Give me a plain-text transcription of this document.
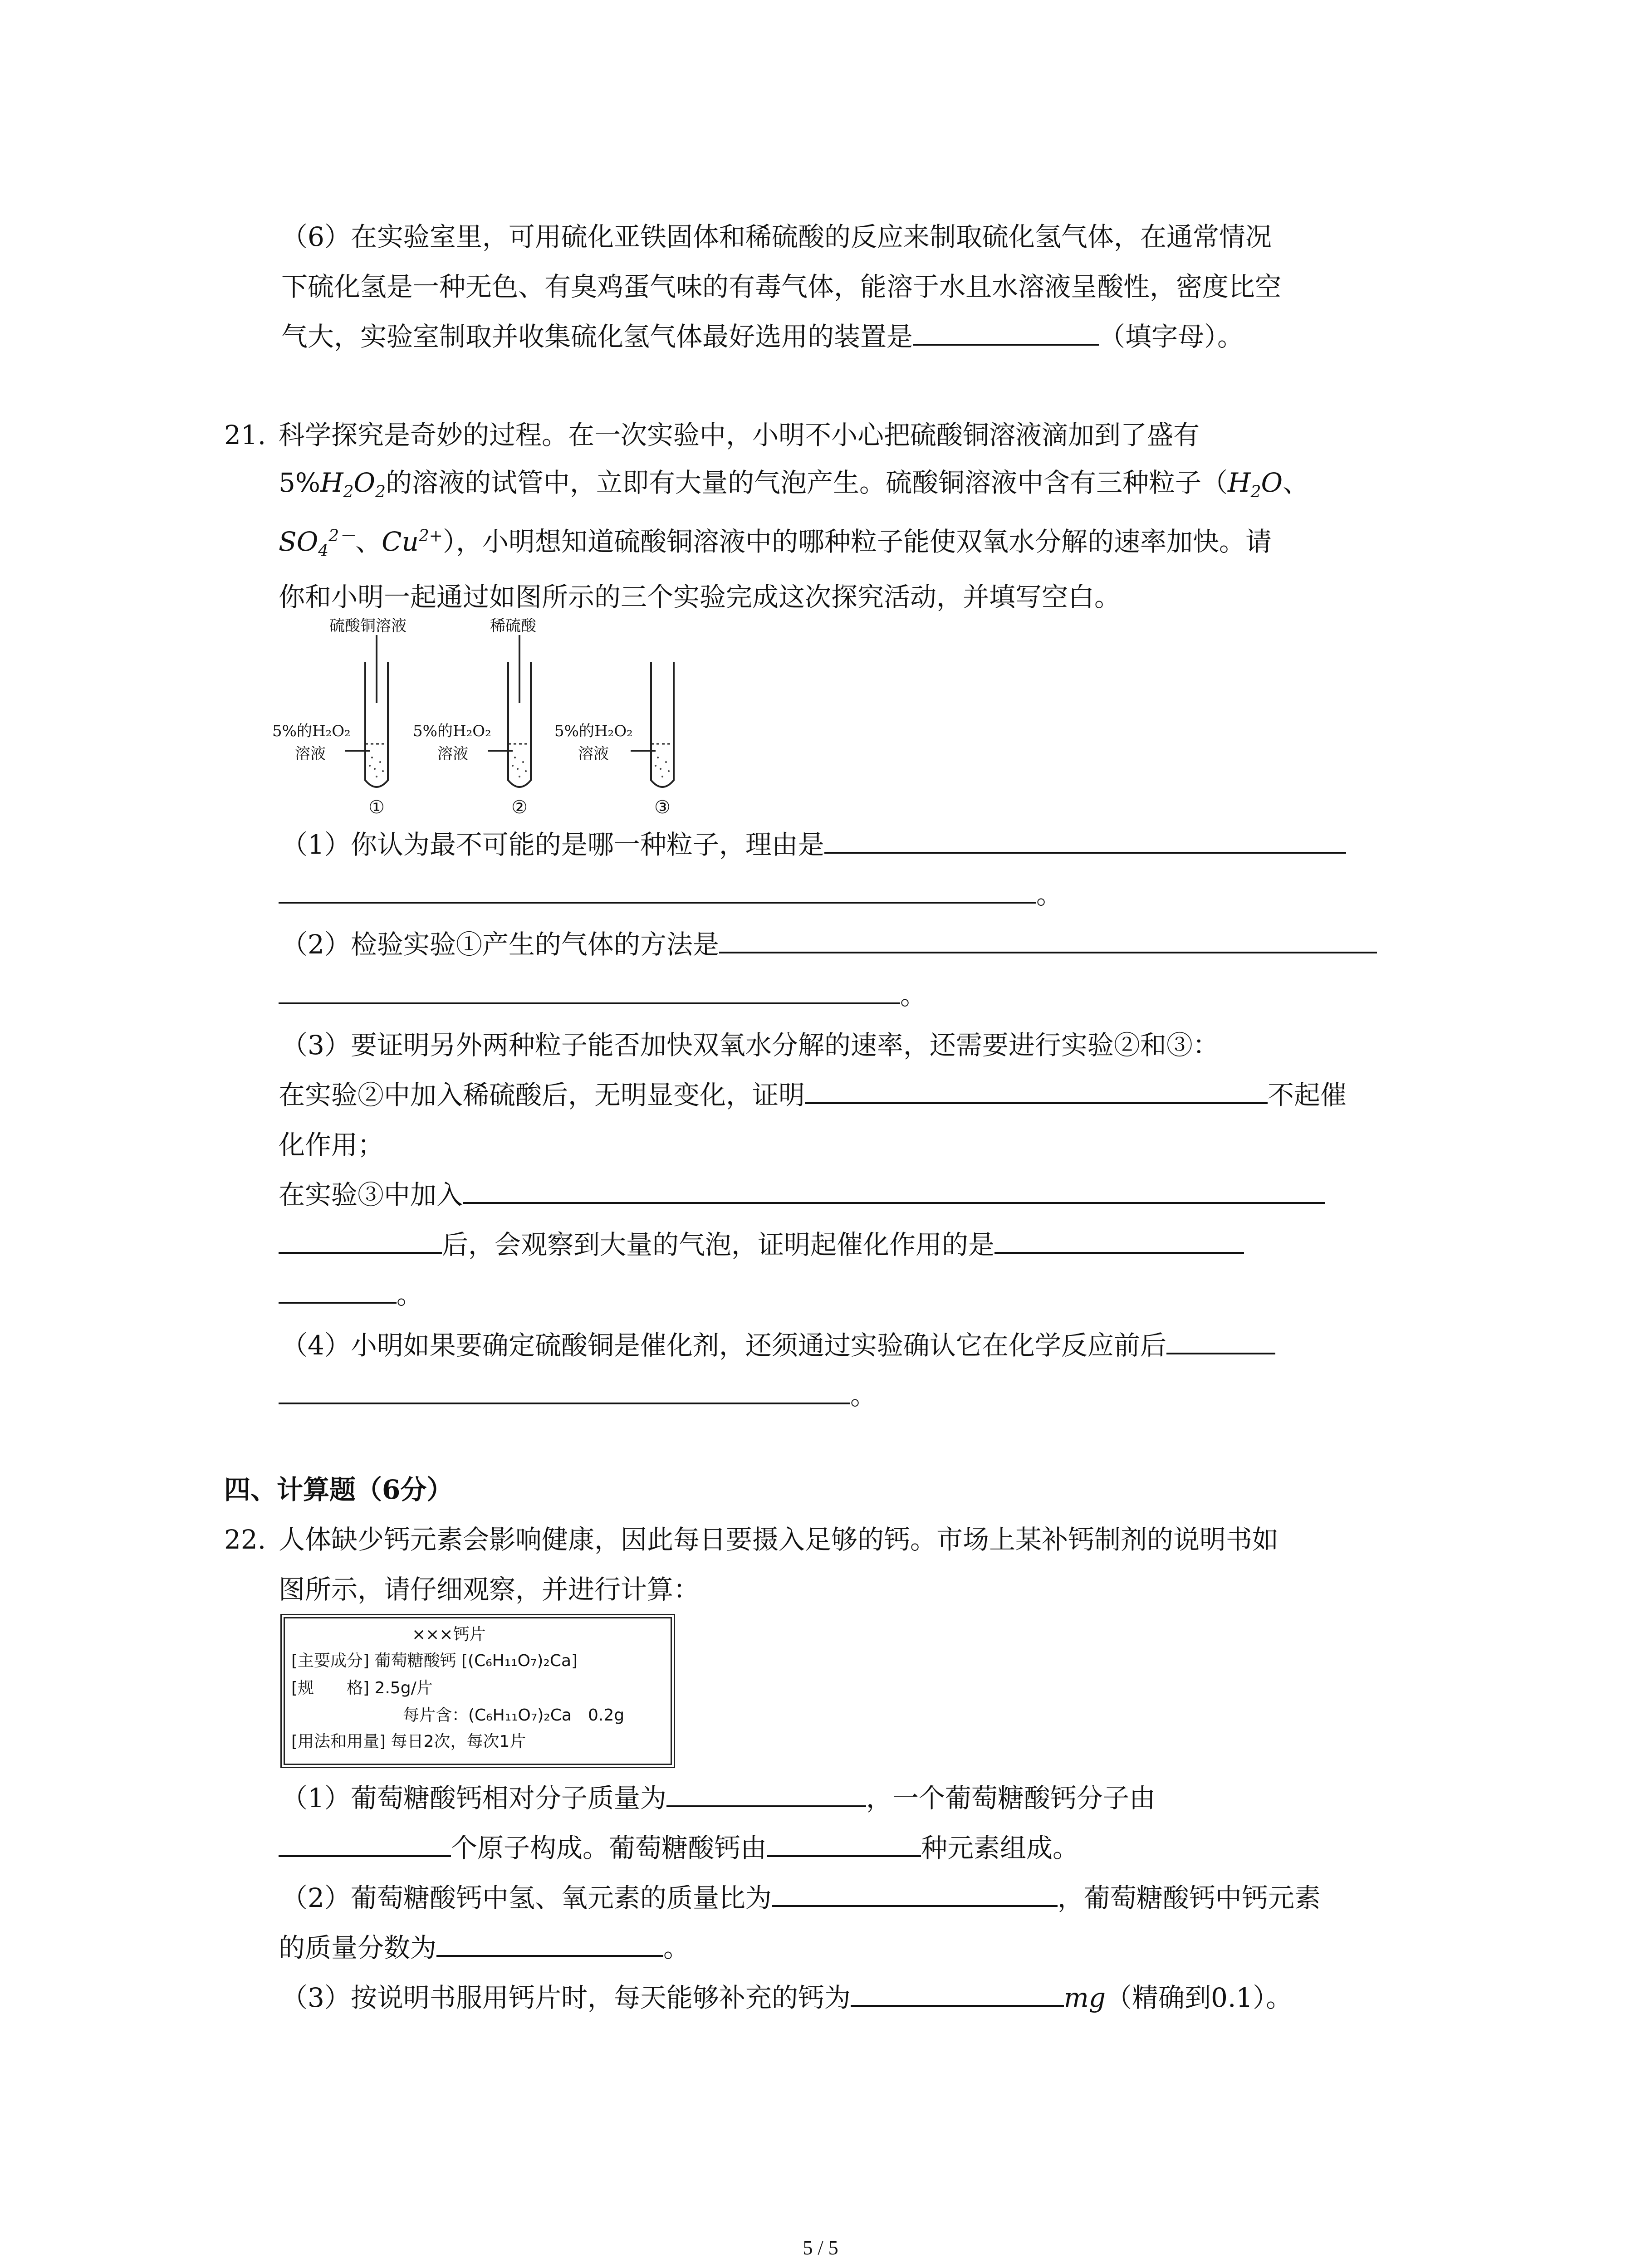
（6）在实验室里，可用硫化亚铁固体和稀硫酸的反应来制取硫化氢气体，在通常情况
下硫化氢是一种无色、有臭鸡蛋气味的有毒气体，能溶于水且水溶液呈酸性，密度比空
气大，实验室制取并收集硫化氢气体最好选用的装置是	（填字母）。
21. 科学探究是奇妙的过程。在一次实验中，小明不小心把硫酸铜溶液滴加到了盛有
$5\%H_2O_2$的溶液的试管中，立即有大量的气泡产生。硫酸铜溶液中含有三种粒子（$H_2O$、
$SO_4^{2-}$、$Cu^{2+}$），小明想知道硫酸铜溶液中的哪种粒子能使双氧水分解的速率加快。请
你和小明一起通过如图所示的三个实验完成这次探究活动，并填写空白。
硫酸铜溶液	稀硫酸
5%的H₂O₂
溶液
5%的H₂O₂
溶液
5%的H₂O₂
溶液
①	②	③
（1）你认为最不可能的是哪一种粒子，理由是
。
（2）检验实验①产生的气体的方法是
。
（3）要证明另外两种粒子能否加快双氧水分解的速率，还需要进行实验②和③：
在实验②中加入稀硫酸后，无明显变化，证明	不起催
化作用；
在实验③中加入
后，会观察到大量的气泡，证明起催化作用的是
。
（4）小明如果要确定硫酸铜是催化剂，还须通过实验确认它在化学反应前后
。
四、计算题（6分）
22. 人体缺少钙元素会影响健康，因此每日要摄入足够的钙。市场上某补钙制剂的说明书如
图所示，请仔细观察，并进行计算：
×××钙片
[主要成分] 葡萄糖酸钙 [(C₆H₁₁O₇)₂Ca]
[规　　格] 2.5g/片
每片含：(C₆H₁₁O₇)₂Ca　0.2g
[用法和用量] 每日2次，每次1片
（1）葡萄糖酸钙相对分子质量为	，一个葡萄糖酸钙分子由
个原子构成。葡萄糖酸钙由	种元素组成。
（2）葡萄糖酸钙中氢、氧元素的质量比为	，葡萄糖酸钙中钙元素
的质量分数为	。
（3）按说明书服用钙片时，每天能够补充的钙为	mg（精确到0.1）。
5 / 5
